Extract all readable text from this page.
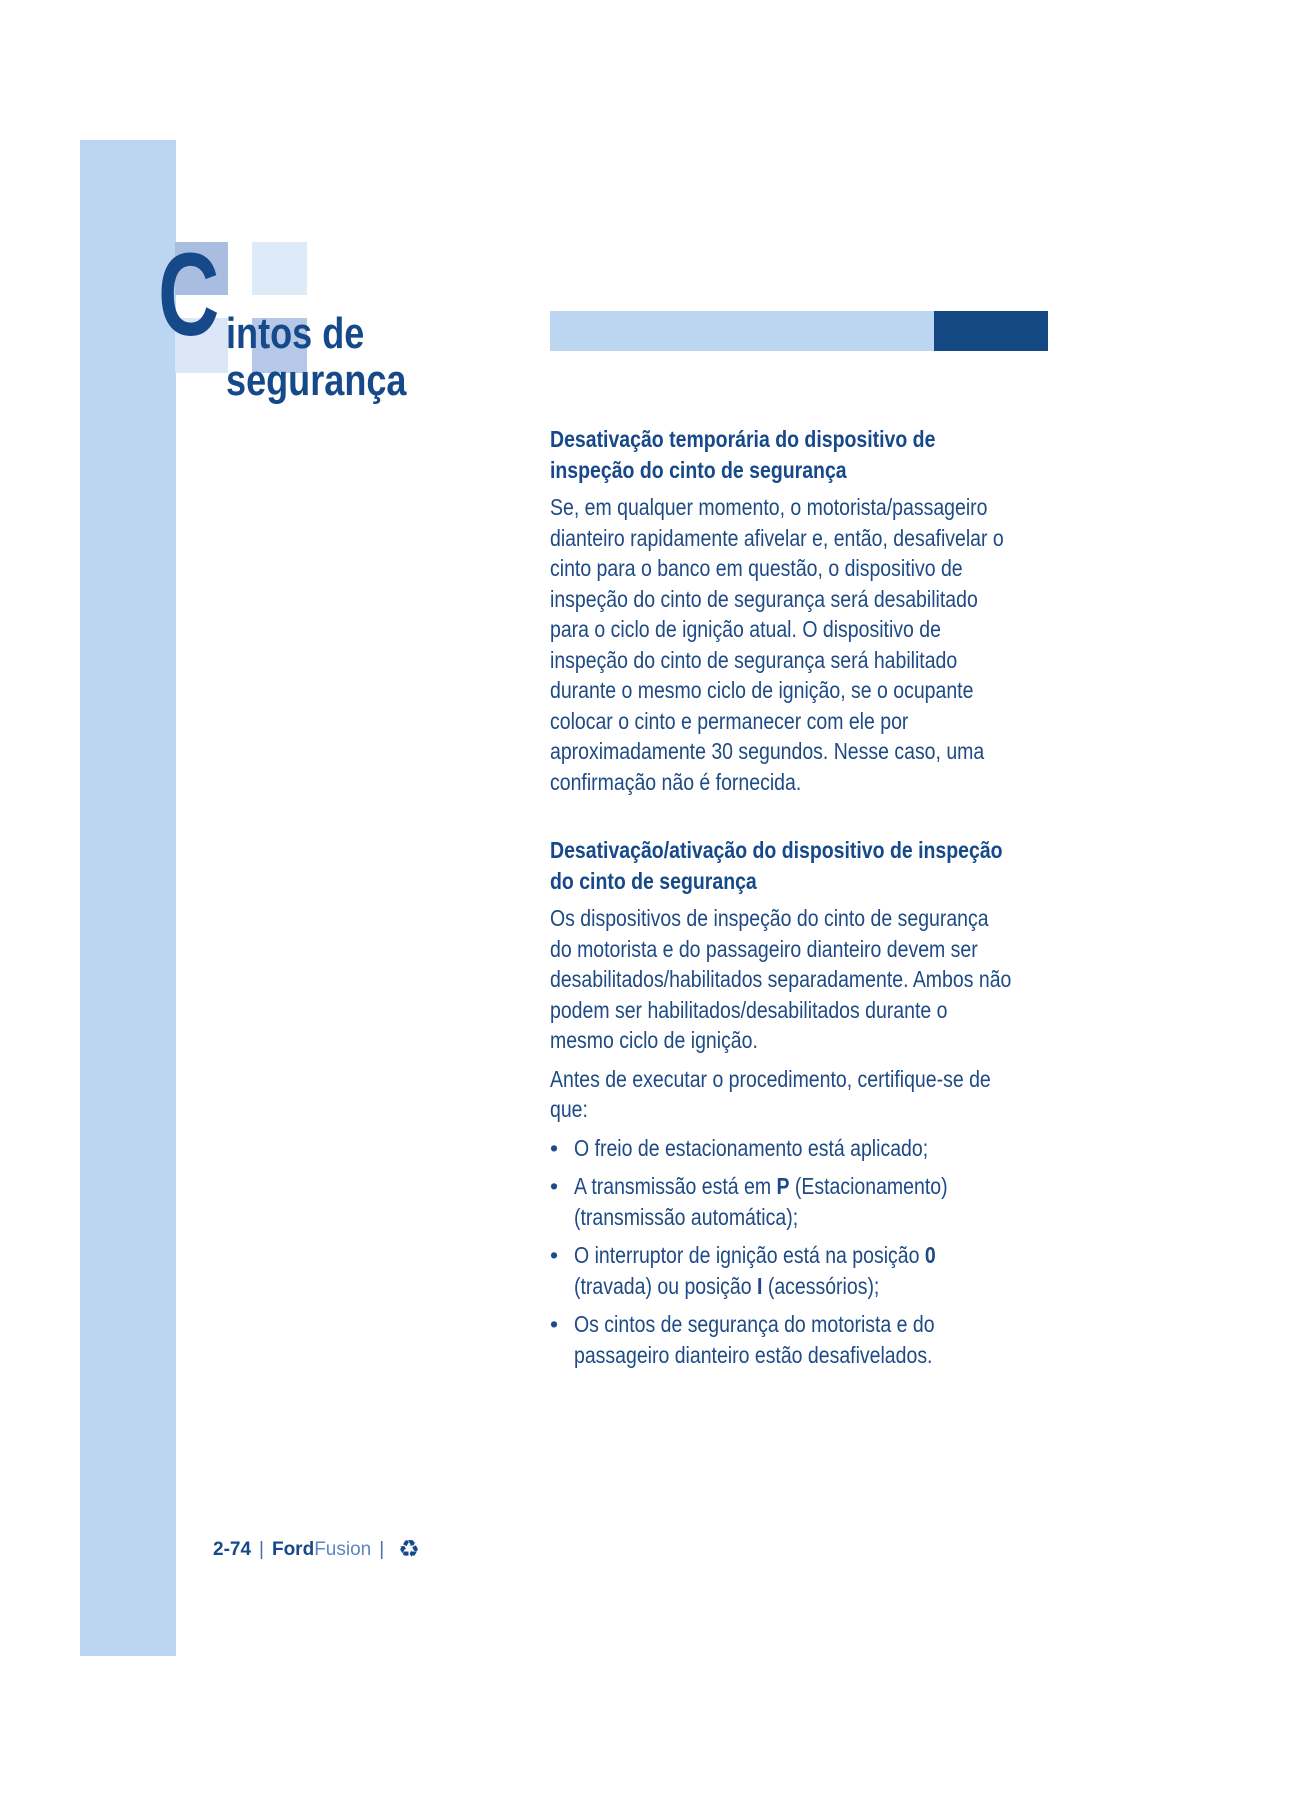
C intos de
segurança
Desativação temporária do dispositivo de
inspeção do cinto de segurança

Se, em qualquer momento, o motorista/passageiro
dianteiro rapidamente afivelar e, então, desafivelar o
cinto para o banco em questão, o dispositivo de
inspeção do cinto de segurança será desabilitado
para o ciclo de ignição atual. O dispositivo de
inspeção do cinto de segurança será habilitado
durante o mesmo ciclo de ignição, se o ocupante
colocar o cinto e permanecer com ele por
aproximadamente 30 segundos. Nesse caso, uma
confirmação não é fornecida.

Desativação/ativação do dispositivo de inspeção
do cinto de segurança

Os dispositivos de inspeção do cinto de segurança
do motorista e do passageiro dianteiro devem ser
desabilitados/habilitados separadamente. Ambos não
podem ser habilitados/desabilitados durante o
mesmo ciclo de ignição.

Antes de executar o procedimento, certifique-se de
que:

• O freio de estacionamento está aplicado;
• A transmissão está em P (Estacionamento)
(transmissão automática);
• O interruptor de ignição está na posição 0
(travada) ou posição I (acessórios);
• Os cintos de segurança do motorista e do
passageiro dianteiro estão desafivelados.
2-74 | Ford Fusion | ♻
